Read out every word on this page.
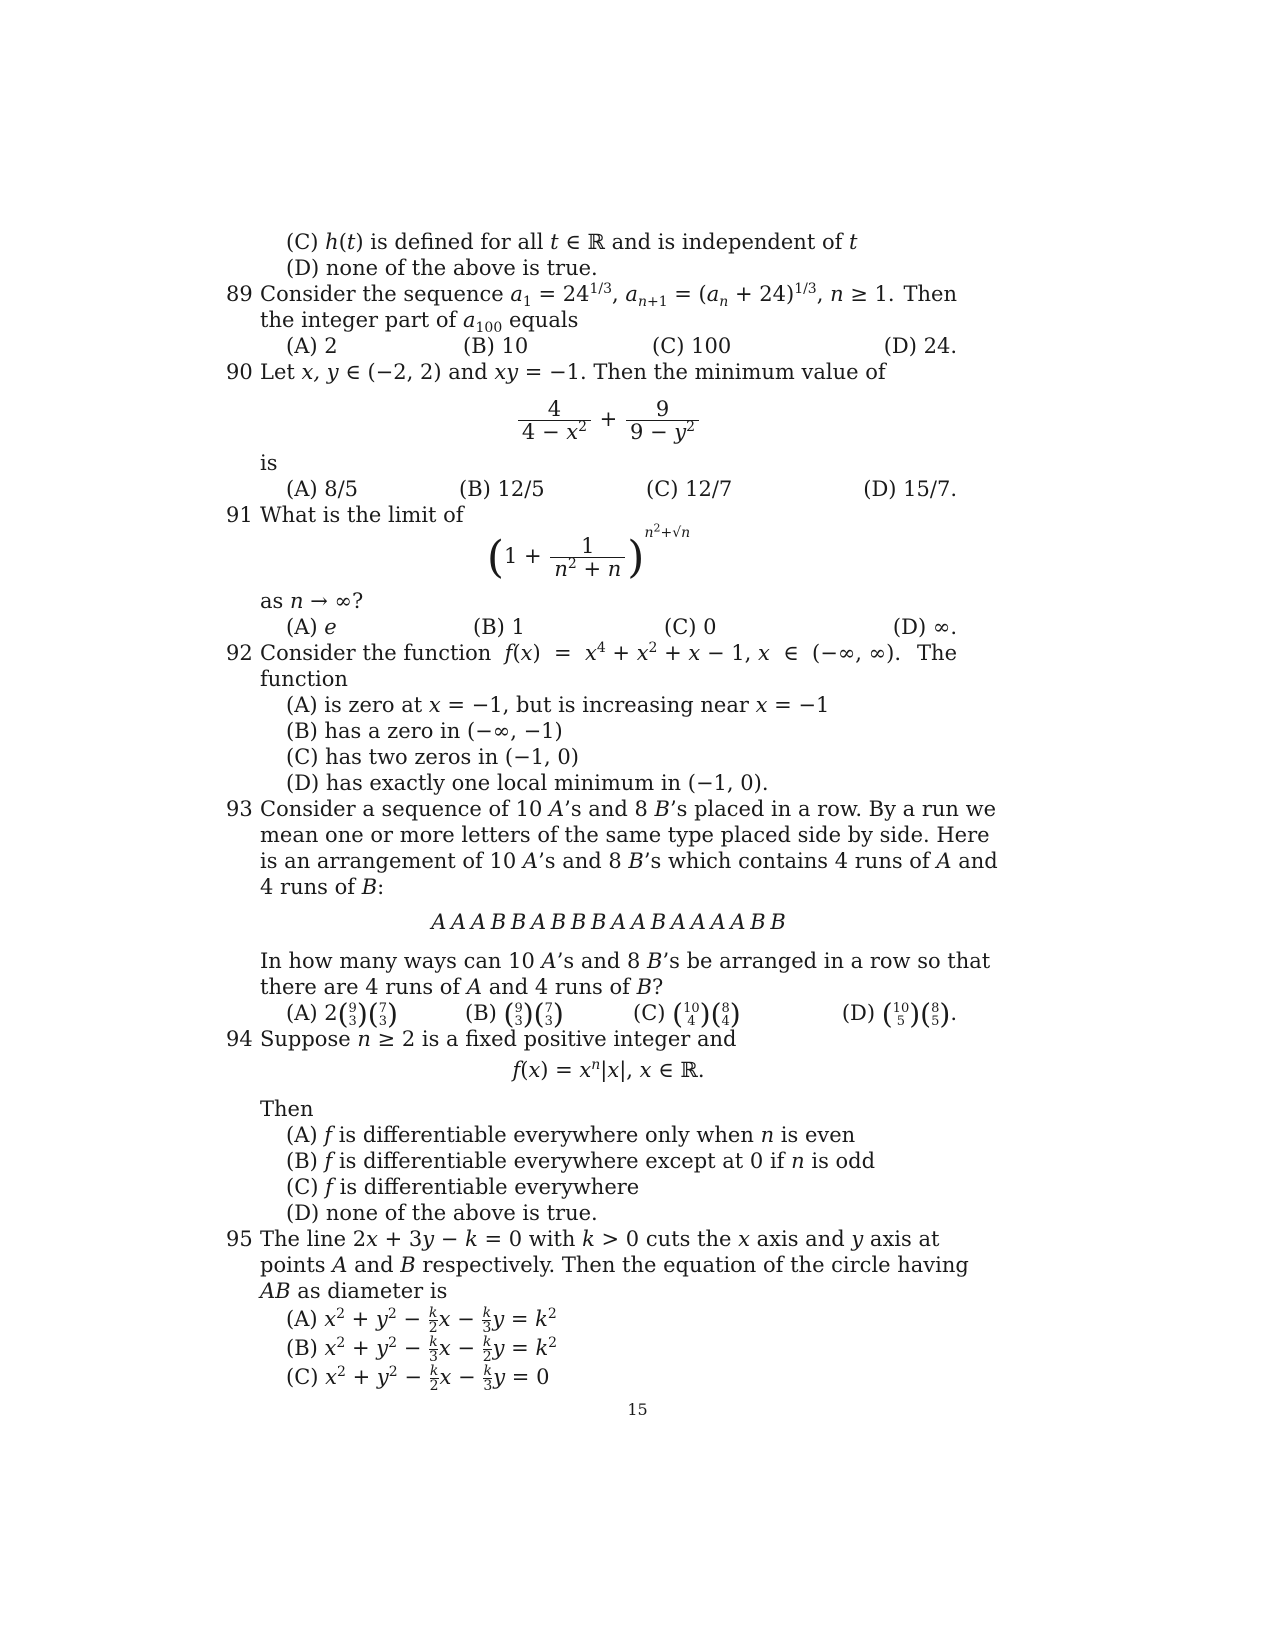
(C) h(t) is defined for all t ∈ ℝ and is independent of t
(D) none of the above is true.
89 Consider the sequence $a_1 = 24^{1/3}$, $a_{n+1} = (a_n + 24)^{1/3}$, n ≥ 1. Then
the integer part of $a_{100}$ equals
(A) 2	(B) 10	(C) 100	(D) 24.
90 Let x, y ∈ (−2, 2) and xy = −1. Then the minimum value of
$\frac{4}{4 - x^2} + \frac{9}{9 - y^2}$
is
(A) 8/5	(B) 12/5	(C) 12/7	(D) 15/7.
91 What is the limit of
$(1 + \frac{1}{n^2 + n} )^{n^2+√n}$
as n → ∞?
(A) e	(B) 1	(C) 0	(D) ∞.
92 Consider the function $f(x) = x^4 + x^2 + x - 1$, x  ∈  (−∞, ∞). The
function
(A) is zero at x = −1, but is increasing near x = −1
(B) has a zero in (−∞, −1)
(C) has two zeros in (−1, 0)
(D) has exactly one local minimum in (−1, 0).
93 Consider a sequence of 10 A’s and 8 B’s placed in a row. By a run we
mean one or more letters of the same type placed side by side. Here
is an arrangement of 10 A’s and 8 B’s which contains 4 runs of A and
4 runs of B:
A A A B B A B B B A A B A A A A B B
In how many ways can 10 A’s and 8 B’s be arranged in a row so that
there are 4 runs of A and 4 runs of B?
(A) 2( 9
3 )( 7
3 )	(B) ( 9
3 )( 7
3 )	(C) ( 10
4 )( 8
4 )	(D) ( 10
5 )( 8
5 ).
94 Suppose n ≥ 2 is a fixed positive integer and
$f(x) = x^n|x|$, x ∈ ℝ.
Then
(A) f is differentiable everywhere only when n is even
(B) f is differentiable everywhere except at 0 if n is odd
(C) f is differentiable everywhere
(D) none of the above is true.
95 The line 2x + 3y − k = 0 with k > 0 cuts the x axis and y axis at
points A and B respectively. Then the equation of the circle having
AB as diameter is
(A) $x^2 + y^2 - \frac{k}{2}$ $x - \frac{k}{3}$ $y = k^2$
(B) $x^2 + y^2 - \frac{k}{3}$ $x - \frac{k}{2}$ $y = k^2$
(C) $x^2 + y^2 - \frac{k}{2}$ $x - \frac{k}{3}$ y = 0
15
